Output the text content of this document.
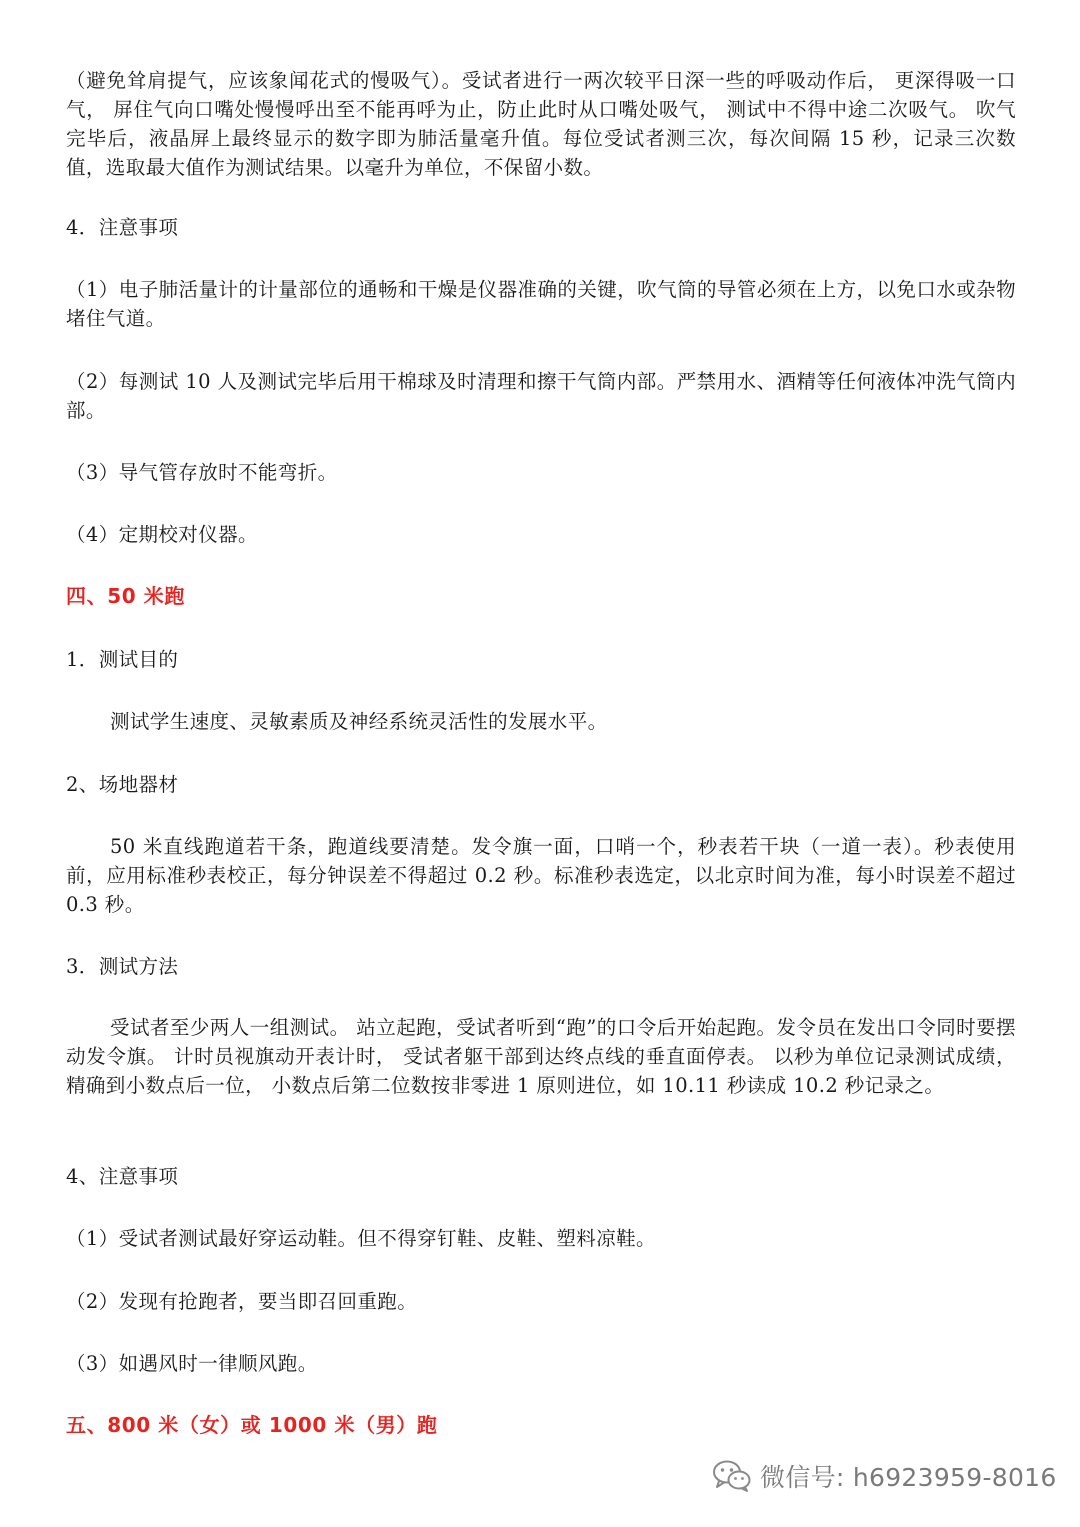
（避免耸肩提气，应该象闻花式的慢吸气）。受试者进行一两次较平日深一些的呼吸动作后， 更深得吸一口气， 屏住气向口嘴处慢慢呼出至不能再呼为止，防止此时从口嘴处吸气， 测试中不得中途二次吸气。 吹气完毕后，液晶屏上最终显示的数字即为肺活量毫升值。每位受试者测三次，每次间隔 15 秒，记录三次数值，选取最大值作为测试结果。以毫升为单位，不保留小数。

4．注意事项

（1）电子肺活量计的计量部位的通畅和干燥是仪器准确的关键，吹气筒的导管必须在上方，以免口水或杂物堵住气道。

（2）每测试 10 人及测试完毕后用干棉球及时清理和擦干气筒内部。严禁用水、酒精等任何液体冲洗气筒内部。

（3）导气管存放时不能弯折。

（4）定期校对仪器。

四、50 米跑

1．测试目的

测试学生速度、灵敏素质及神经系统灵活性的发展水平。

2、场地器材

50 米直线跑道若干条，跑道线要清楚。发令旗一面，口哨一个，秒表若干块（一道一表）。秒表使用前，应用标准秒表校正，每分钟误差不得超过 0.2 秒。标准秒表选定，以北京时间为准，每小时误差不超过 0.3 秒。

3．测试方法

受试者至少两人一组测试。 站立起跑，受试者听到“跑”的口令后开始起跑。发令员在发出口令同时要摆动发令旗。 计时员视旗动开表计时， 受试者躯干部到达终点线的垂直面停表。 以秒为单位记录测试成绩， 精确到小数点后一位， 小数点后第二位数按非零进 1 原则进位，如 10.11 秒读成 10.2 秒记录之。

4、注意事项

（1）受试者测试最好穿运动鞋。但不得穿钉鞋、皮鞋、塑料凉鞋。

（2）发现有抢跑者，要当即召回重跑。

（3）如遇风时一律顺风跑。

五、800 米（女）或 1000 米（男）跑

微信号: h6923959-8016
